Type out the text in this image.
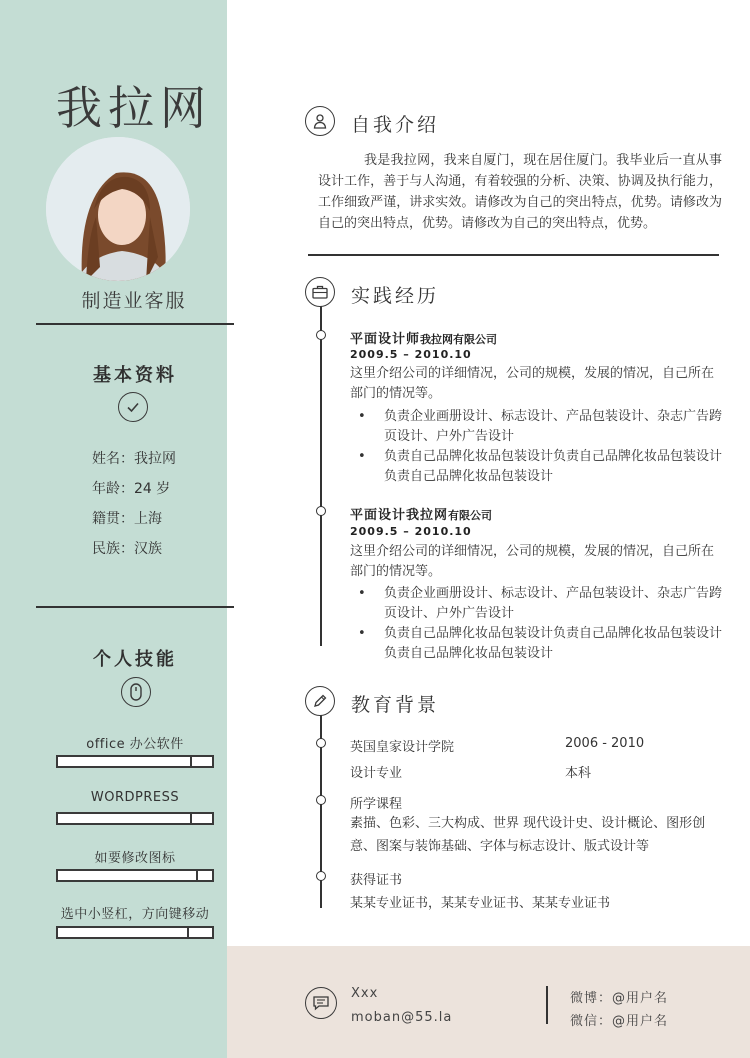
我拉网
制造业客服
基本资料
姓名：我拉网
年龄：24 岁
籍贯：上海
民族：汉族
个人技能
office 办公软件
WORDPRESS
如要修改图标
选中小竖杠，方向键移动
自我介绍
我是我拉网，我来自厦门，现在居住厦门。我毕业后一直从事设计工作，善于与人沟通，有着较强的分析、决策、协调及执行能力，工作细致严谨，讲求实效。请修改为自己的突出特点，优势。请修改为自己的突出特点，优势。请修改为自己的突出特点，优势。
实践经历
平面设计师我拉网有限公司
2009.5 – 2010.10
这里介绍公司的详细情况，公司的规模，发展的情况，自己所在部门的情况等。
• 负责企业画册设计、标志设计、产品包装设计、杂志广告跨页设计、户外广告设计
• 负责自己品牌化妆品包装设计负责自己品牌化妆品包装设计负责自己品牌化妆品包装设计
平面设计我拉网有限公司
2009.5 – 2010.10
这里介绍公司的详细情况，公司的规模，发展的情况，自己所在部门的情况等。
• 负责企业画册设计、标志设计、产品包装设计、杂志广告跨页设计、户外广告设计
• 负责自己品牌化妆品包装设计负责自己品牌化妆品包装设计负责自己品牌化妆品包装设计
教育背景
英国皇家设计学院	2006 - 2010
设计专业	本科
所学课程
素描、色彩、三大构成、世界 现代设计史、设计概论、图形创意、图案与装饰基础、字体与标志设计、版式设计等
获得证书
某某专业证书，某某专业证书、某某专业证书
Xxx
moban@55.la
微博：@用户名
微信：@用户名
